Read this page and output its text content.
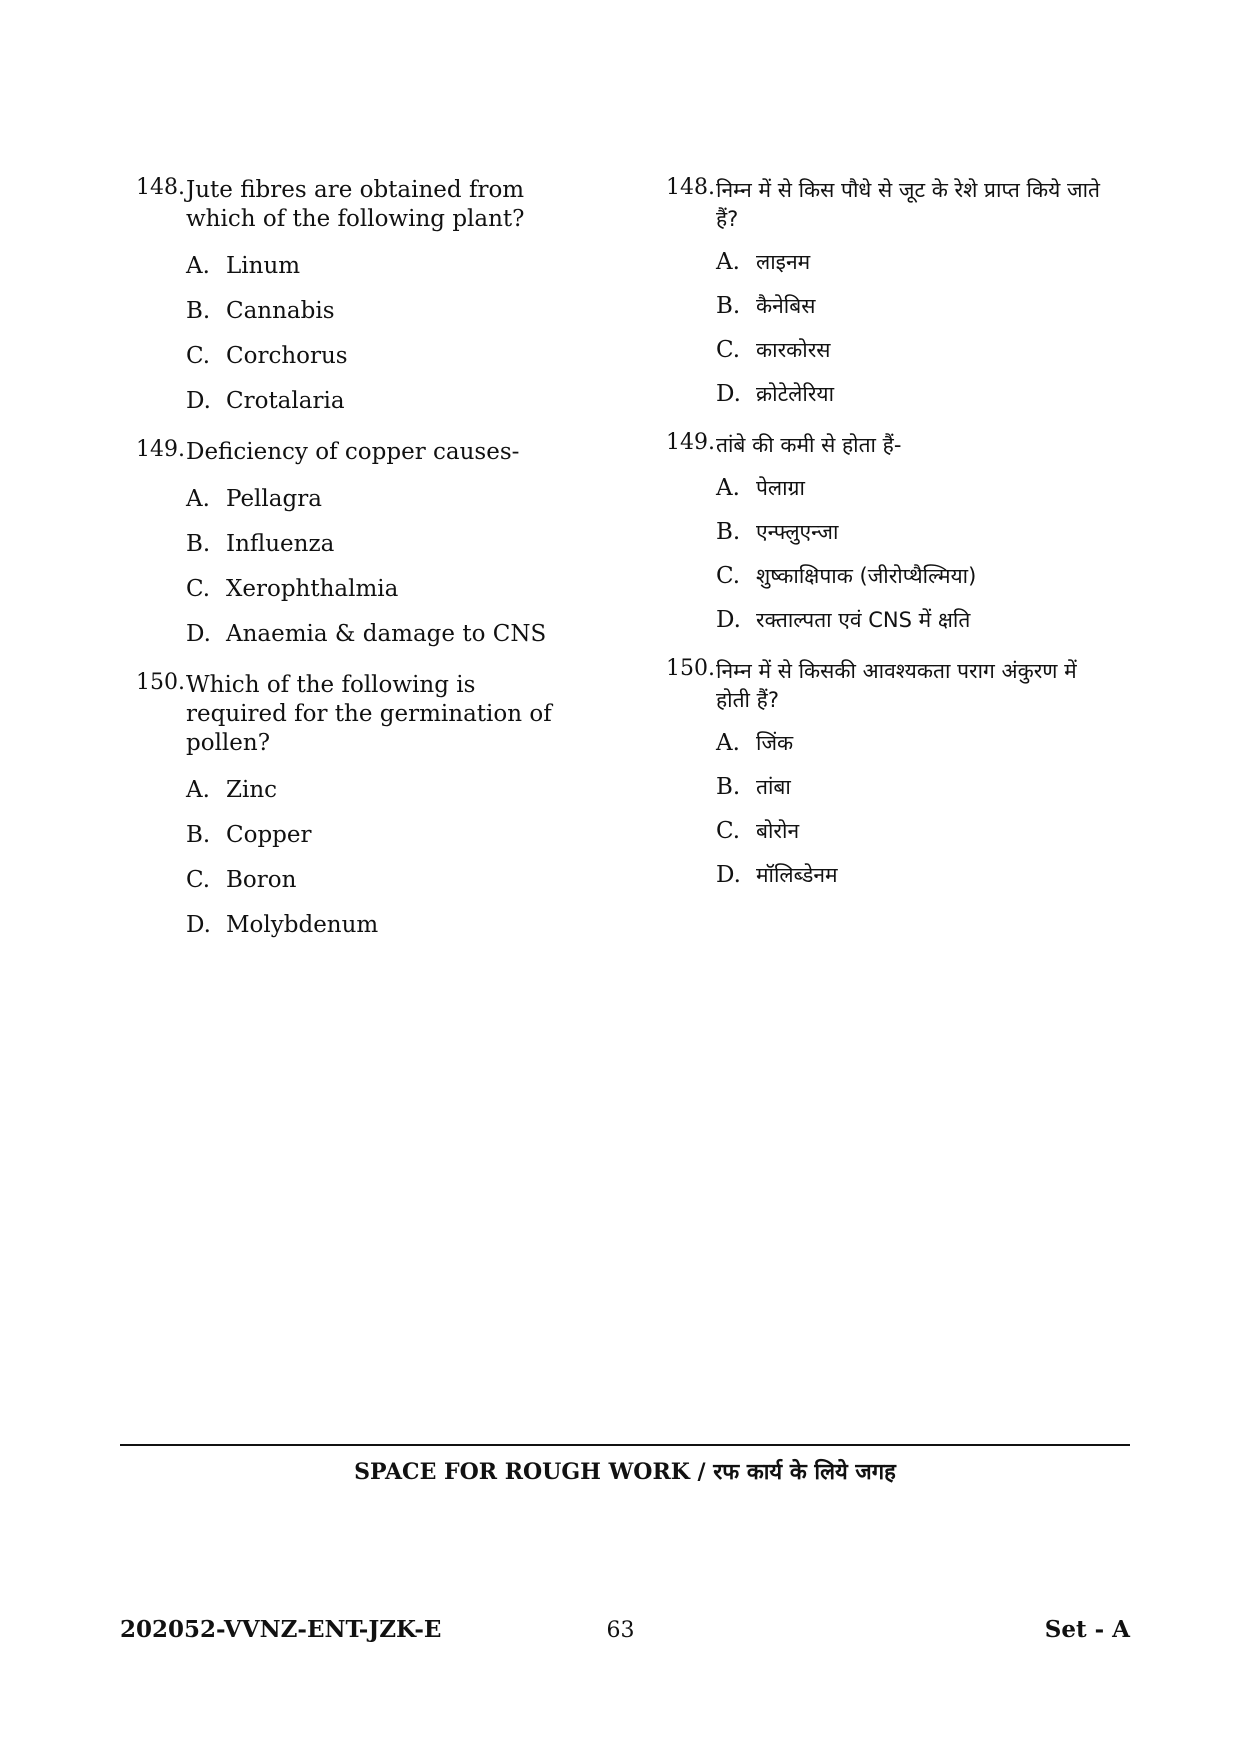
148. Jute fibres are obtained from which of the following plant?
A. Linum
B. Cannabis
C. Corchorus
D. Crotalaria
149. Deficiency of copper causes-
A. Pellagra
B. Influenza
C. Xerophthalmia
D. Anaemia & damage to CNS
150. Which of the following is required for the germination of pollen?
A. Zinc
B. Copper
C. Boron
D. Molybdenum
148. निम्न में से किस पौधे से जूट के रेशे प्राप्त किये जाते हैं?
A. लाइनम
B. कैनेबिस
C. कारकोरस
D. क्रोटेलेरिया
149. तांबे की कमी से होता हैं-
A. पेलाग्रा
B. एन्फ्लुएन्जा
C. शुष्काक्षिपाक (जीरोप्थैल्मिया)
D. रक्ताल्पता एवं CNS में क्षति
150. निम्न में से किसकी आवश्यकता पराग अंकुरण में होती हैं?
A. जिंक
B. तांबा
C. बोरोन
D. मॉलिब्डेनम
SPACE FOR ROUGH WORK / रफ कार्य के लिये जगह
202052-VVNZ-ENT-JZK-E	63	Set - A
